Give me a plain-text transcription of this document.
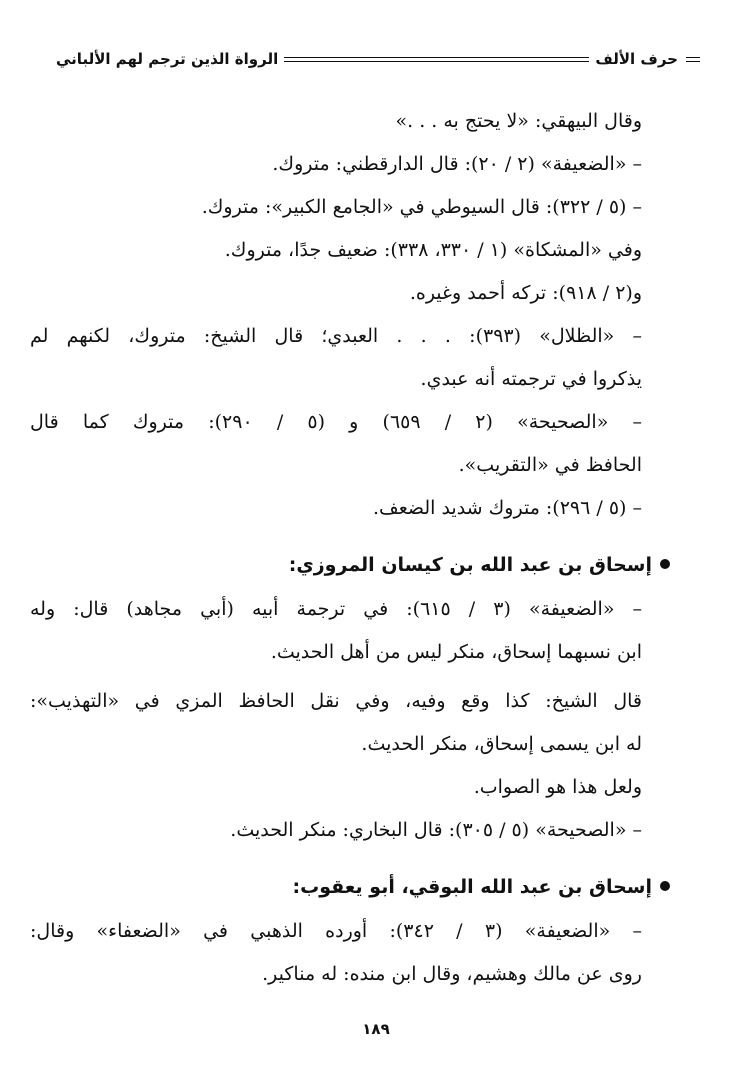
حرف الألف
الرواة الذين ترجم لهم الألباني
وقال البيهقي: «لا يحتج به . . .»
– «الضعيفة» (٢ / ٢٠): قال الدارقطني: متروك.
– (٥ / ٣٢٢): قال السيوطي في «الجامع الكبير»: متروك.
وفي «المشكاة» (١ / ٣٣٠، ٣٣٨): ضعيف جدًا، متروك.
و(٢ / ٩١٨): تركه أحمد وغيره.
– «الظلال» (٣٩٣): . . . العبدي؛ قال الشيخ: متروك، لكنهم لم
يذكروا في ترجمته أنه عبدي.
– «الصحيحة» (٢ / ٦٥٩) و (٥ / ٢٩٠): متروك كما قال
الحافظ في «التقريب».
– (٥ / ٢٩٦): متروك شديد الضعف.
إسحاق بن عبد الله بن كيسان المروزي:
– «الضعيفة» (٣ / ٦١٥): في ترجمة أبيه (أبي مجاهد) قال: وله
ابن نسبهما إسحاق، منكر ليس من أهل الحديث.
قال الشيخ: كذا وقع وفيه، وفي نقل الحافظ المزي في «التهذيب»:
له ابن يسمى إسحاق، منكر الحديث.
ولعل هذا هو الصواب.
– «الصحيحة» (٥ / ٣٠٥): قال البخاري: منكر الحديث.
إسحاق بن عبد الله البوقي، أبو يعقوب:
– «الضعيفة» (٣ / ٣٤٢): أورده الذهبي في «الضعفاء» وقال:
روى عن مالك وهشيم، وقال ابن منده: له مناكير.
١٨٩
